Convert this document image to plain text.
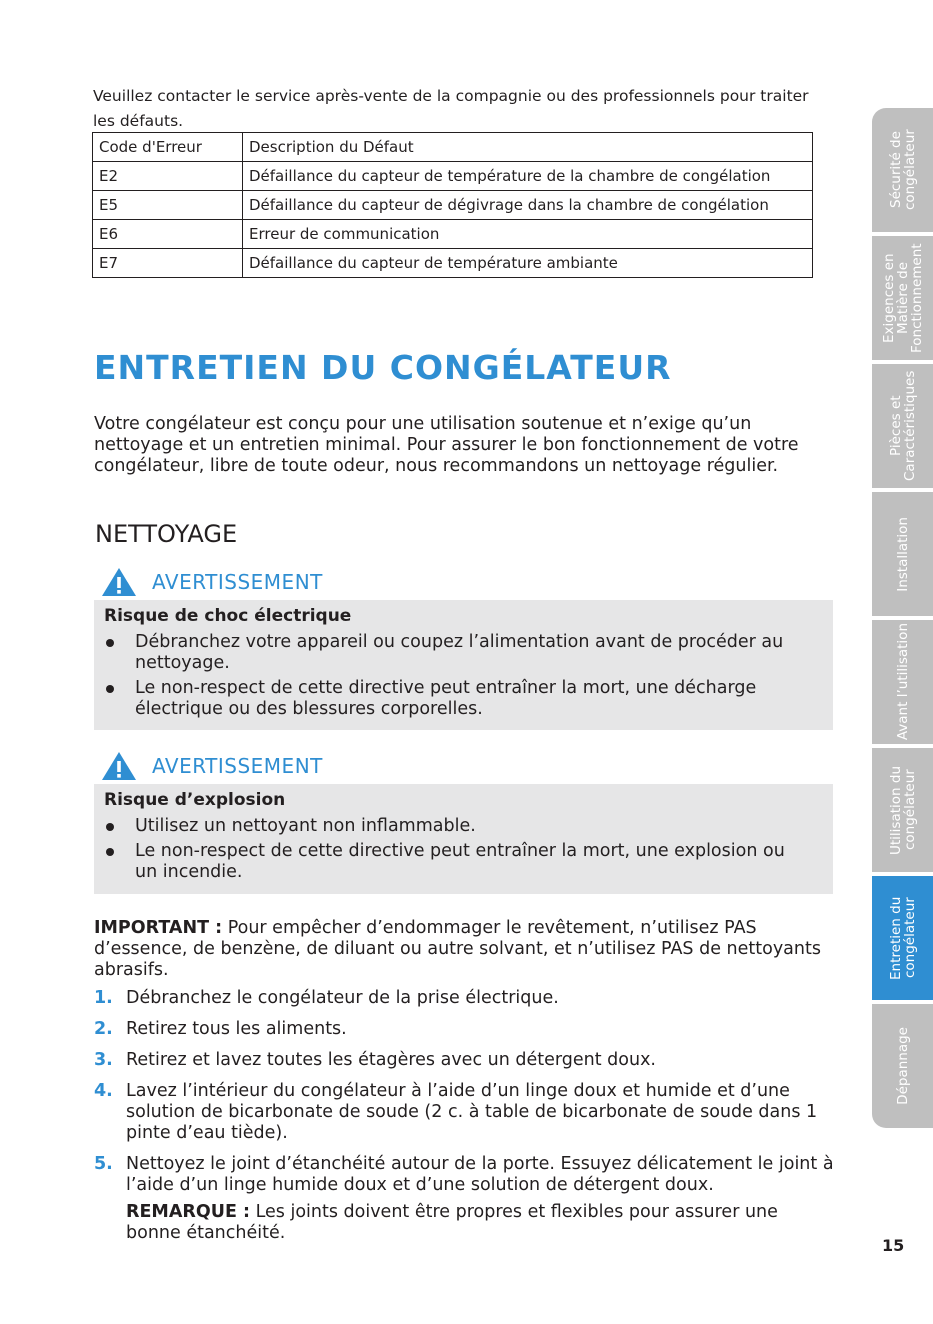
Veuillez contacter le service après-vente de la compagnie ou des professionnels pour traiter les défauts.
Code d'Erreur	Description du Défaut
E2	Défaillance du capteur de température de la chambre de congélation
E5	Défaillance du capteur de dégivrage dans la chambre de congélation
E6	Erreur de communication
E7	Défaillance du capteur de température ambiante
ENTRETIEN DU CONGÉLATEUR
Votre congélateur est conçu pour une utilisation soutenue et n’exige qu’un nettoyage et un entretien minimal. Pour assurer le bon fonctionnement de votre congélateur, libre de toute odeur, nous recommandons un nettoyage régulier.
NETTOYAGE
AVERTISSEMENT
Risque de choc électrique
Débranchez votre appareil ou coupez l’alimentation avant de procéder au nettoyage.
Le non-respect de cette directive peut entraîner la mort, une décharge électrique ou des blessures corporelles.
AVERTISSEMENT
Risque d’explosion
Utilisez un nettoyant non inflammable.
Le non-respect de cette directive peut entraîner la mort, une explosion ou un incendie.
IMPORTANT : Pour empêcher d’endommager le revêtement, n’utilisez PAS d’essence, de benzène, de diluant ou autre solvant, et n’utilisez PAS de nettoyants abrasifs.
1. Débranchez le congélateur de la prise électrique.
2. Retirez tous les aliments.
3. Retirez et lavez toutes les étagères avec un détergent doux.
4. Lavez l’intérieur du congélateur à l’aide d’un linge doux et humide et d’une solution de bicarbonate de soude (2 c. à table de bicarbonate de soude dans 1 pinte d’eau tiède).
5. Nettoyez le joint d’étanchéité autour de la porte. Essuyez délicatement le joint à l’aide d’un linge humide doux et d’une solution de détergent doux.
REMARQUE : Les joints doivent être propres et flexibles pour assurer une bonne étanchéité.
Sécurité de congélateur
Exigences en Matière de Fonctionnement
Pièces et Caractéristiques
Installation
Avant l’utilisation
Utilisation du congélateur
Entretien du congélateur
Dépannage
15
